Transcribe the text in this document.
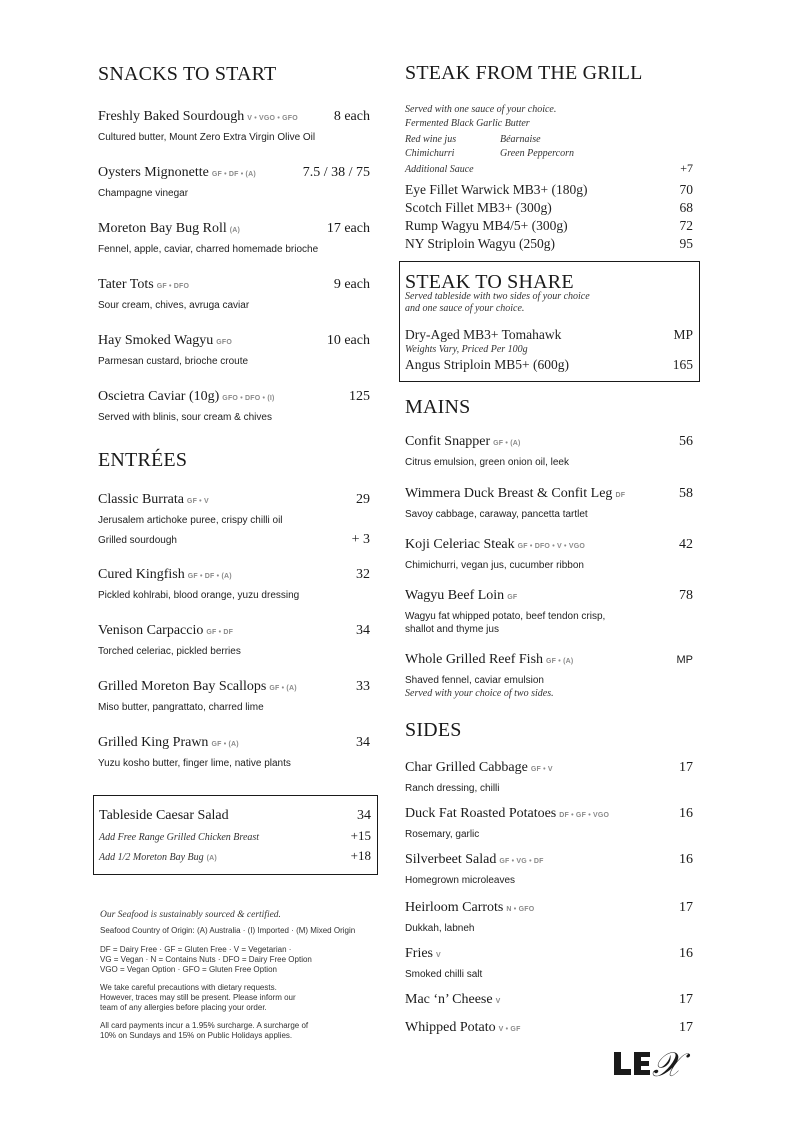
SNACKS TO START
Freshly Baked Sourdough V • VGO • GFO	8 each
Cultured butter, Mount Zero Extra Virgin Olive Oil
Oysters Mignonette GF • DF • (A)	7.5 / 38 / 75
Champagne vinegar
Moreton Bay Bug Roll (A)	17 each
Fennel, apple, caviar, charred homemade brioche
Tater Tots GF • DFO	9 each
Sour cream, chives, avruga caviar
Hay Smoked Wagyu GFO	10 each
Parmesan custard, brioche croute
Oscietra Caviar (10g) GFO • DFO • (I)	125
Served with blinis, sour cream & chives
ENTRÉES
Classic Burrata GF • V	29
Jerusalem artichoke puree, crispy chilli oil
Grilled sourdough	+ 3
Cured Kingfish GF • DF • (A)	32
Pickled kohlrabi, blood orange, yuzu dressing
Venison Carpaccio GF • DF	34
Torched celeriac, pickled berries
Grilled Moreton Bay Scallops GF • (A)	33
Miso butter, pangrattato, charred lime
Grilled King Prawn GF • (A)	34
Yuzu kosho butter, finger lime, native plants
Tableside Caesar Salad	34
Add Free Range Grilled Chicken Breast	+15
Add 1/2 Moreton Bay Bug (A)	+18

Our Seafood is sustainably sourced & certified.

Seafood Country of Origin: (A) Australia · (I) Imported · (M) Mixed Origin

DF = Dairy Free · GF = Gluten Free · V = Vegetarian ·

VG = Vegan · N = Contains Nuts · DFO = Dairy Free Option

VGO = Vegan Option · GFO = Gluten Free Option

We take careful precautions with dietary requests.

However, traces may still be present. Please inform our

team of any allergies before placing your order.

All card payments incur a 1.95% surcharge. A surcharge of

10% on Sundays and 15% on Public Holidays applies.

STEAK FROM THE GRILL
Served with one sauce of your choice.
Fermented Black Garlic Butter
Red wine jus	Béarnaise
Chimichurri	Green Peppercorn
Additional Sauce	+7
Eye Fillet Warwick MB3+ (180g)	70
Scotch Fillet MB3+ (300g)	68
Rump Wagyu MB4/5+ (300g)	72
NY Striploin Wagyu (250g)	95
STEAK TO SHARE
Served tableside with two sides of your choice
and one sauce of your choice.
Dry-Aged MB3+ Tomahawk	MP
Weights Vary, Priced Per 100g
Angus Striploin MB5+ (600g)	165
MAINS
Confit Snapper GF • (A)	56
Citrus emulsion, green onion oil, leek
Wimmera Duck Breast & Confit Leg DF	58
Savoy cabbage, caraway, pancetta tartlet
Koji Celeriac Steak GF • DFO • V • VGO	42
Chimichurri, vegan jus, cucumber ribbon
Wagyu Beef Loin GF	78
Wagyu fat whipped potato, beef tendon crisp,
shallot and thyme jus
Whole Grilled Reef Fish GF • (A)	MP
Shaved fennel, caviar emulsion
Served with your choice of two sides.
SIDES
Char Grilled Cabbage GF • V	17
Ranch dressing, chilli
Duck Fat Roasted Potatoes DF • GF • VGO	16
Rosemary, garlic
Silverbeet Salad GF • VG • DF	16
Homegrown microleaves
Heirloom Carrots N • GFO	17
Dukkah, labneh
Fries V	16
Smoked chilli salt
Mac ‘n’ Cheese V	17
Whipped Potato V • GF	17
𝒳
